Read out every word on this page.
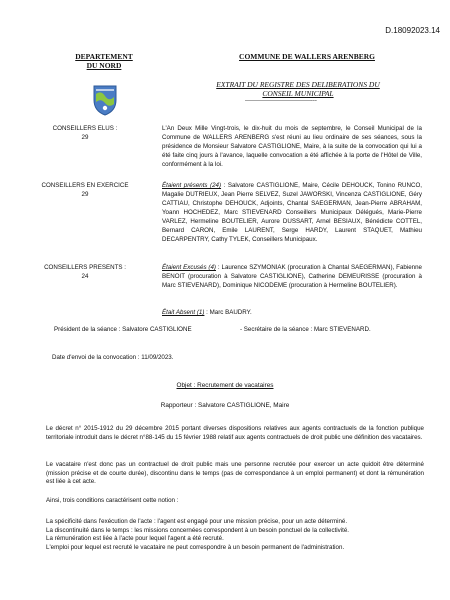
D.18092023.14
DEPARTEMENT
DU NORD
COMMUNE DE WALLERS ARENBERG
EXTRAIT DU REGISTRE DES DELIBERATIONS DU
CONSEIL MUNICIPAL
------------------------------------
CONSEILLERS ELUS :
29
L'An Deux Mille Vingt-trois, le dix-huit du mois de septembre, le Conseil Municipal de la Commune de WALLERS ARENBERG s'est réuni au lieu ordinaire de ses séances, sous la présidence de Monsieur Salvatore CASTIGLIONE, Maire, à la suite de la convocation qui lui a été faite cinq jours à l'avance, laquelle convocation a été affichée à la porte de l'Hôtel de Ville, conformément à la loi.
CONSEILLERS EN EXERCICE
29
Étaient présents (24) : Salvatore CASTIGLIONE, Maire, Cécile DEHOUCK, Tonino RUNCO, Magalie DUTRIEUX, Jean Pierre SELVEZ, Suzel JAWORSKI, Vincenza CASTIGLIONE, Géry CATTIAU, Christophe DEHOUCK, Adjoints, Chantal SAEGERMAN, Jean-Pierre ABRAHAM, Yoann HOCHEDEZ, Marc STIEVENARD Conseillers Municipaux Délégués, Marie-Pierre VARLEZ, Hermeline BOUTELIER, Aurore DUSSART, Arnel BESIAUX, Bénédicte COTTEL, Bernard CARON, Emile LAURENT, Serge HARDY, Laurent STAQUET, Mathieu DECARPENTRY, Cathy TYLEK, Conseillers Municipaux.
CONSEILLERS PRESENTS :
24
Étaient Excusés (4) : Laurence SZYMONIAK (procuration à Chantal SAEGERMAN), Fabienne BENOIT (procuration à Salvatore CASTIGLIONE), Catherine DEMEURISSE (procuration à Marc STIEVENARD), Dominique NICODEME (procuration à Hermeline BOUTELIER).
Était Absent (1) : Marc BAUDRY.
Président de la séance : Salvatore CASTIGLIONE	- Secrétaire de la séance : Marc STIEVENARD.
Date d'envoi de la convocation : 11/09/2023.
Objet : Recrutement de vacataires
Rapporteur : Salvatore CASTIGLIONE, Maire
Le décret n° 2015-1912 du 29 décembre 2015 portant diverses dispositions relatives aux agents contractuels de la fonction publique territoriale introduit dans le décret n°88-145 du 15 février 1988 relatif aux agents contractuels de droit public une définition des vacataires.
Le vacataire n'est donc pas un contractuel de droit public mais une personne recrutée pour exercer un acte quidoit être déterminé (mission précise et de courte durée), discontinu dans le temps (pas de correspondance à un emploi permanent) et dont la rémunération est liée à cet acte.
Ainsi, trois conditions caractérisent cette notion :
La spécificité dans l'exécution de l'acte : l'agent est engagé pour une mission précise, pour un acte déterminé.
La discontinuité dans le temps : les missions concernées correspondent à un besoin ponctuel de la collectivité.
La rémunération est liée à l'acte pour lequel l'agent a été recruté.
L'emploi pour lequel est recruté le vacataire ne peut correspondre à un besoin permanent de l'administration.
